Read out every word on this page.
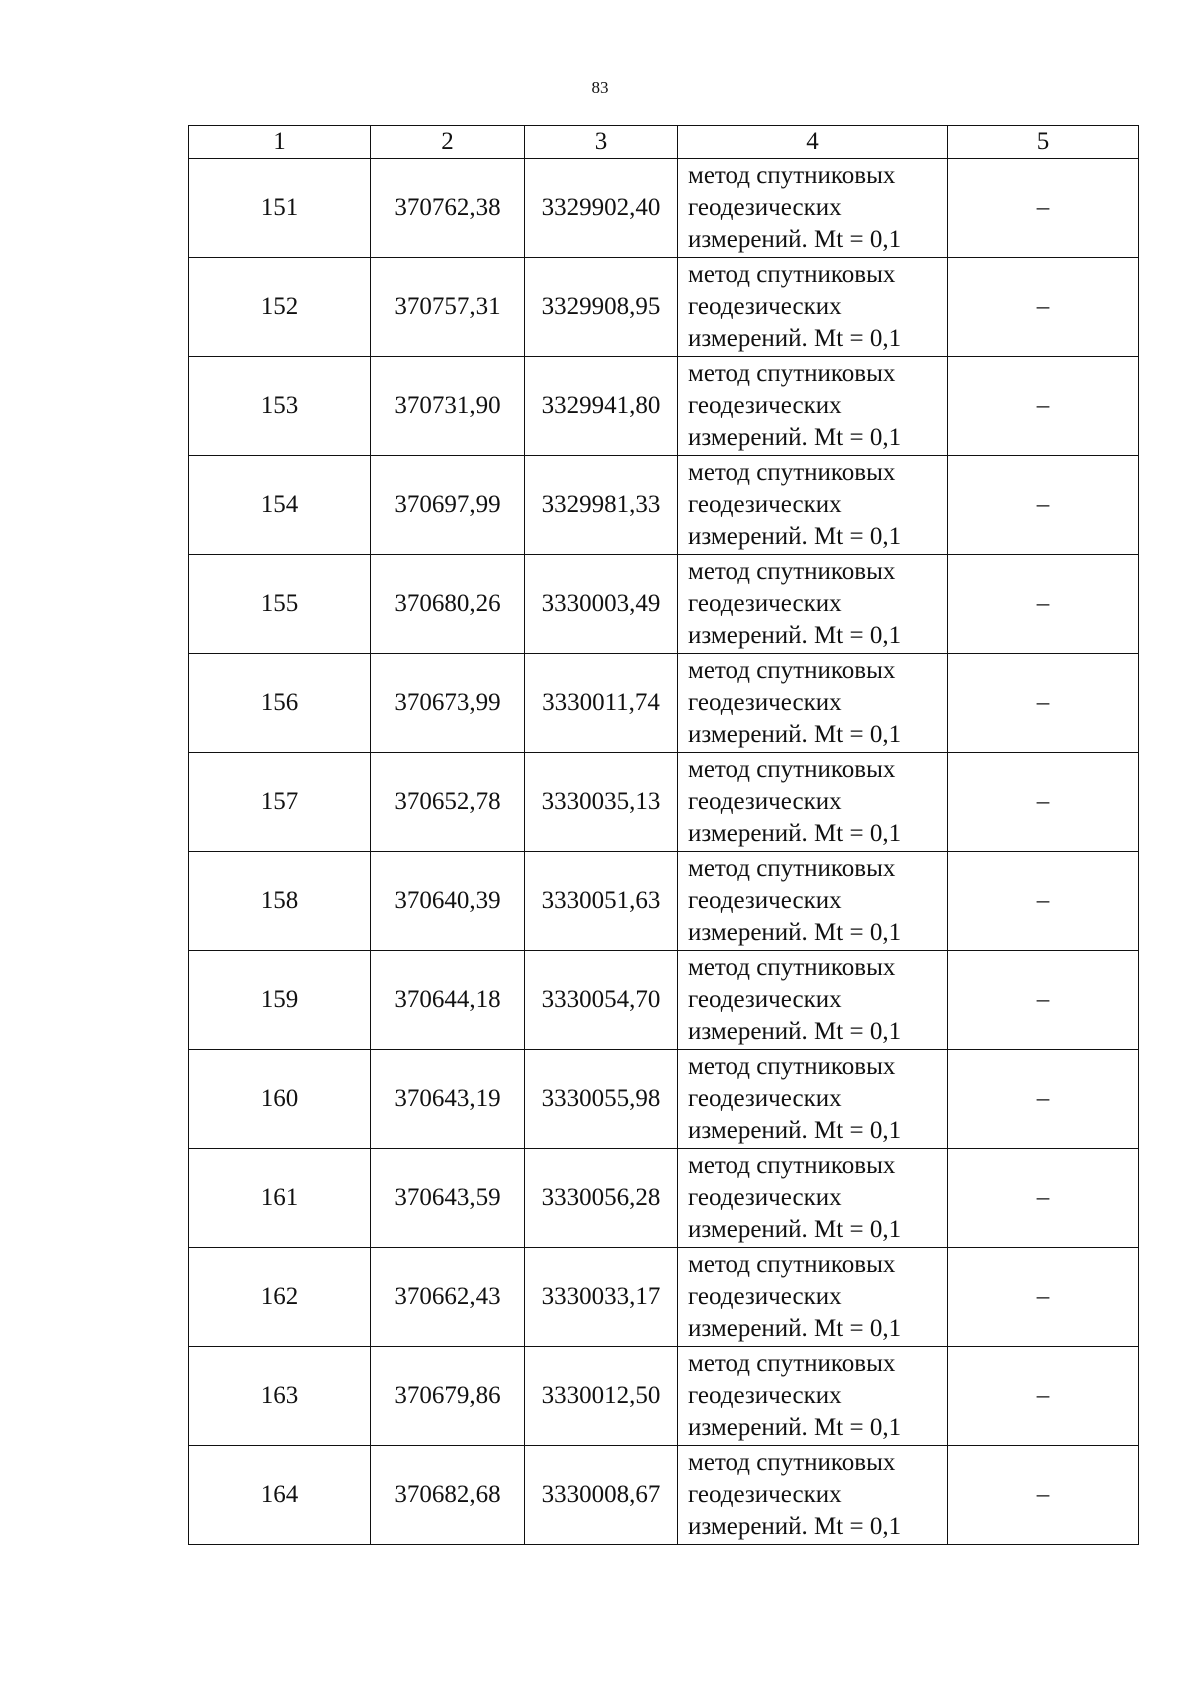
83
1	2	3	4	5
151	370762,38	3329902,40	метод спутниковых
геодезических
измерений. Mt = 0,1	–
152	370757,31	3329908,95	метод спутниковых
геодезических
измерений. Mt = 0,1	–
153	370731,90	3329941,80	метод спутниковых
геодезических
измерений. Mt = 0,1	–
154	370697,99	3329981,33	метод спутниковых
геодезических
измерений. Mt = 0,1	–
155	370680,26	3330003,49	метод спутниковых
геодезических
измерений. Mt = 0,1	–
156	370673,99	3330011,74	метод спутниковых
геодезических
измерений. Mt = 0,1	–
157	370652,78	3330035,13	метод спутниковых
геодезических
измерений. Mt = 0,1	–
158	370640,39	3330051,63	метод спутниковых
геодезических
измерений. Mt = 0,1	–
159	370644,18	3330054,70	метод спутниковых
геодезических
измерений. Mt = 0,1	–
160	370643,19	3330055,98	метод спутниковых
геодезических
измерений. Mt = 0,1	–
161	370643,59	3330056,28	метод спутниковых
геодезических
измерений. Mt = 0,1	–
162	370662,43	3330033,17	метод спутниковых
геодезических
измерений. Mt = 0,1	–
163	370679,86	3330012,50	метод спутниковых
геодезических
измерений. Mt = 0,1	–
164	370682,68	3330008,67	метод спутниковых
геодезических
измерений. Mt = 0,1	–
